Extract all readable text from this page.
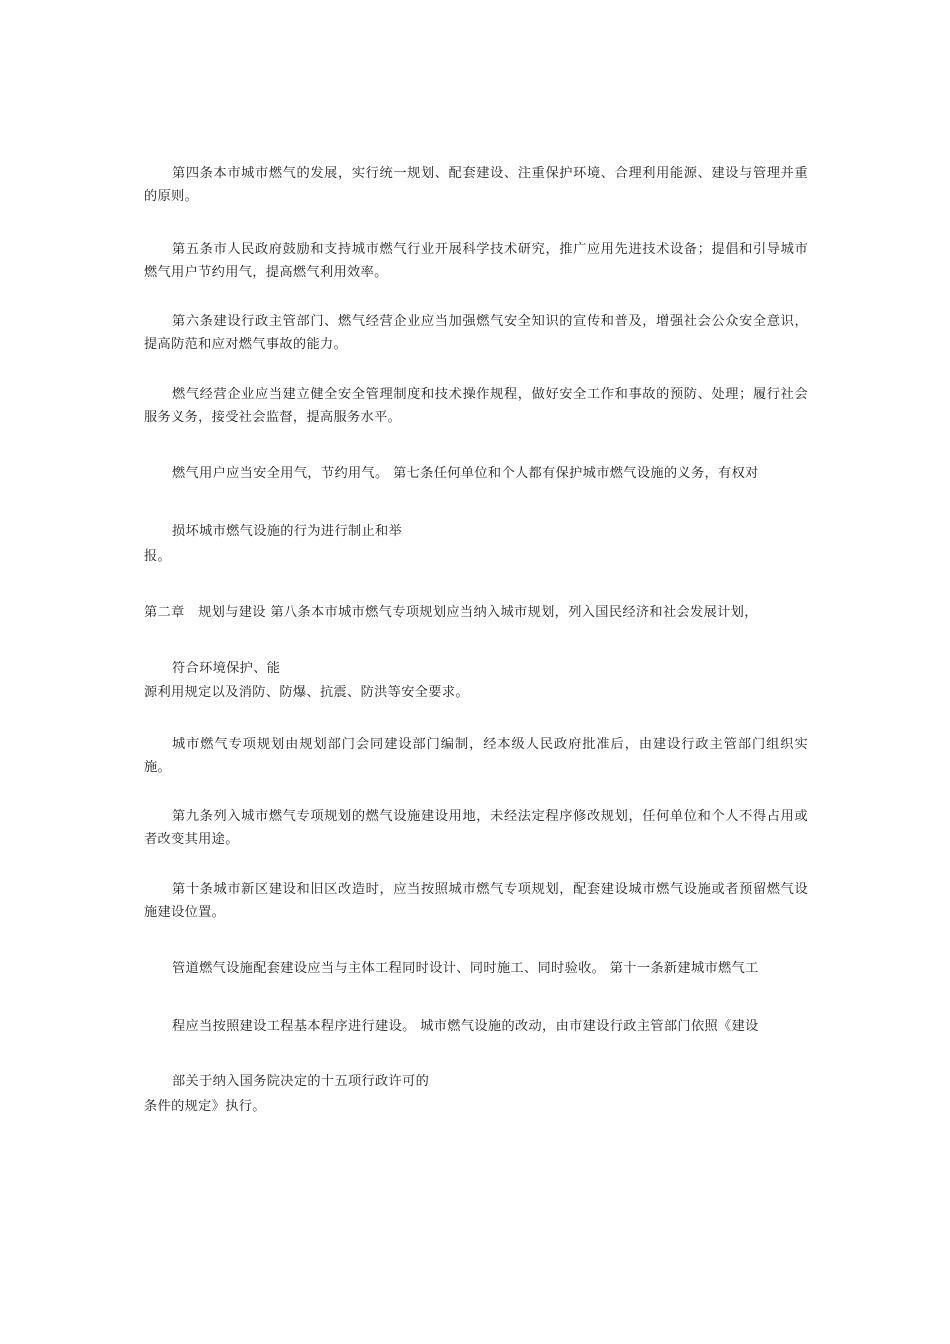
第四条本市城市燃气的发展，实行统一规划、配套建设、注重保护环境、合理利用能源、建设与管理并重的原则。

第五条市人民政府鼓励和支持城市燃气行业开展科学技术研究，推广应用先进技术设备；提倡和引导城市燃气用户节约用气，提高燃气利用效率。

第六条建设行政主管部门、燃气经营企业应当加强燃气安全知识的宣传和普及，增强社会公众安全意识，提高防范和应对燃气事故的能力。

燃气经营企业应当建立健全安全管理制度和技术操作规程，做好安全工作和事故的预防、处理；履行社会服务义务，接受社会监督，提高服务水平。

燃气用户应当安全用气，节约用气。 第七条任何单位和个人都有保护城市燃气设施的义务，有权对

损坏城市燃气设施的行为进行制止和举

报。

第二章　规划与建设 第八条本市城市燃气专项规划应当纳入城市规划，列入国民经济和社会发展计划，

符合环境保护、能

源利用规定以及消防、防爆、抗震、防洪等安全要求。

城市燃气专项规划由规划部门会同建设部门编制，经本级人民政府批准后，由建设行政主管部门组织实施。

第九条列入城市燃气专项规划的燃气设施建设用地，未经法定程序修改规划，任何单位和个人不得占用或者改变其用途。

第十条城市新区建设和旧区改造时，应当按照城市燃气专项规划，配套建设城市燃气设施或者预留燃气设施建设位置。

管道燃气设施配套建设应当与主体工程同时设计、同时施工、同时验收。 第十一条新建城市燃气工

程应当按照建设工程基本程序进行建设。 城市燃气设施的改动，由市建设行政主管部门依照《建设

部关于纳入国务院决定的十五项行政许可的

条件的规定》执行。
